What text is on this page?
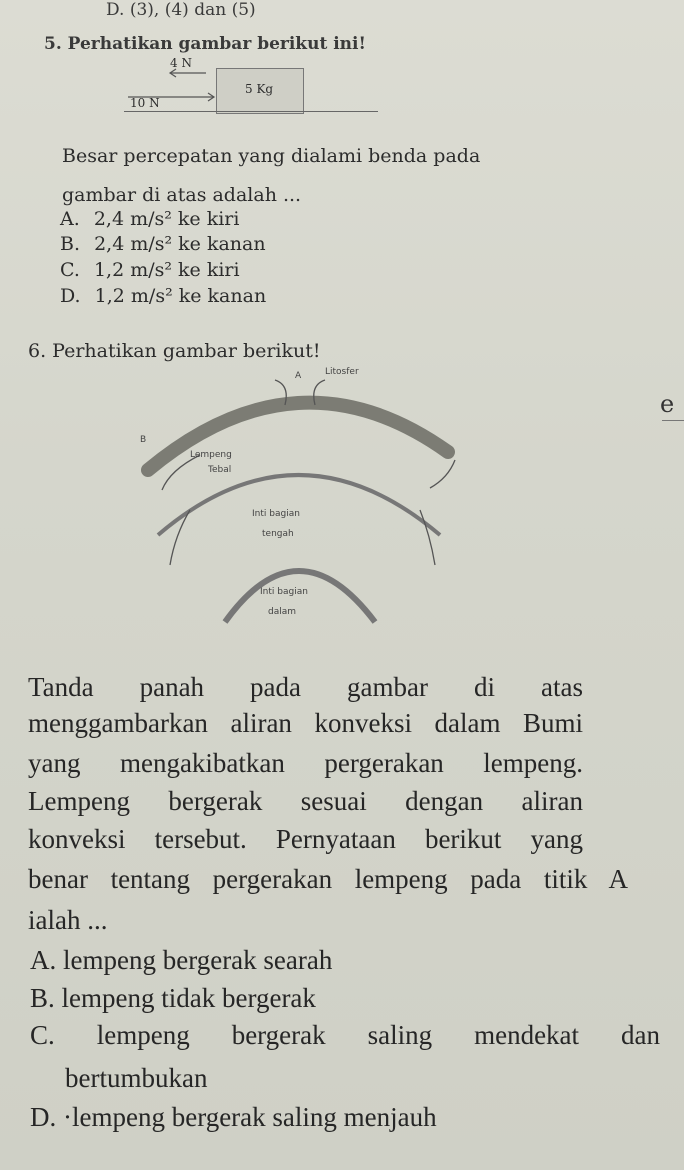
D. (3), (4) dan (5)
5. Perhatikan gambar berikut ini!
4 N
5 Kg
10 N
Besar percepatan yang dialami benda pada
gambar di atas adalah ...
A. 2,4 m/s² ke kiri
B. 2,4 m/s² ke kanan
C. 1,2 m/s² ke kiri
D. 1,2 m/s² ke kanan
6. Perhatikan gambar berikut!
A
B
Litosfer
Lempeng
Tebal
Inti bagian
tengah
Inti bagian
dalam
e
Tanda panah pada gambar di atas
menggambarkan aliran konveksi dalam Bumi
yang mengakibatkan pergerakan lempeng.
Lempeng bergerak sesuai dengan aliran
konveksi tersebut. Pernyataan berikut yang
benar tentang pergerakan lempeng pada titik A
ialah ...
A. lempeng bergerak searah
B. lempeng tidak bergerak
C. lempeng bergerak saling mendekat dan
bertumbukan
D. ·lempeng bergerak saling menjauh
